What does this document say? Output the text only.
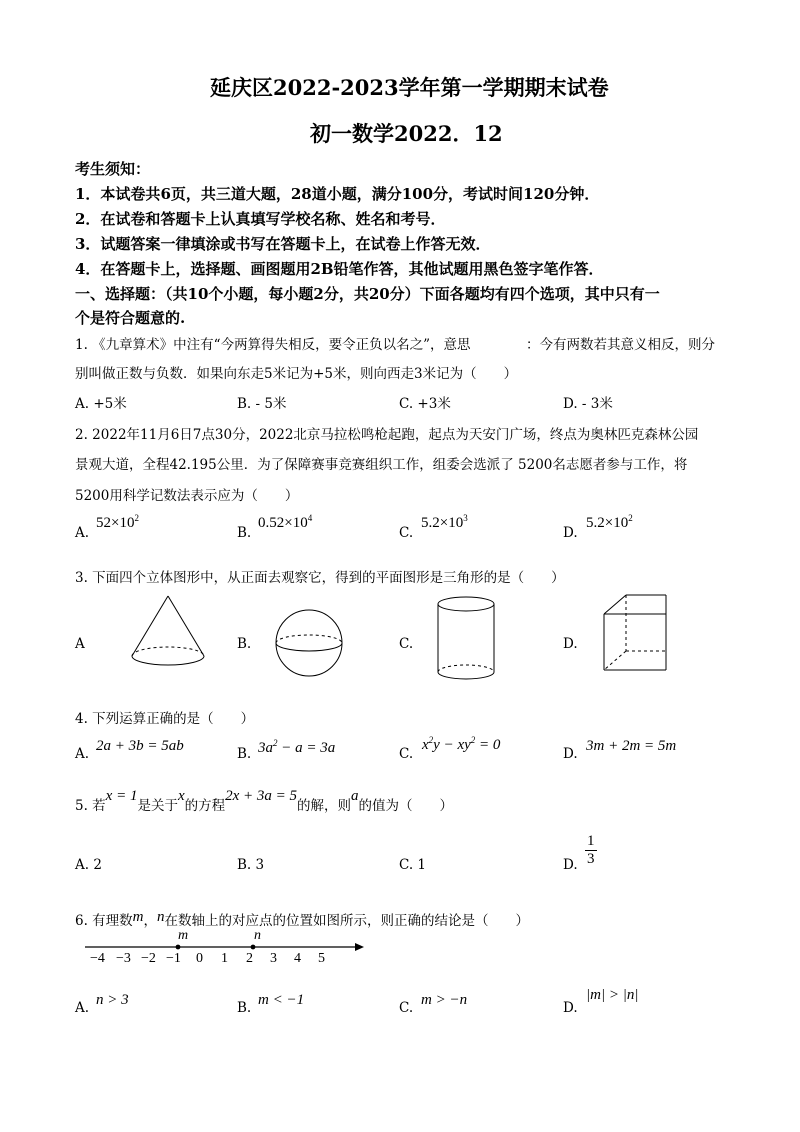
延庆区2022-2023学年第一学期期末试卷
初一数学2022．12
考生须知：
1．本试卷共6页，共三道大题，28道小题，满分100分，考试时间120分钟．
2．在试卷和答题卡上认真填写学校名称、姓名和考号．
3．试题答案一律填涂或书写在答题卡上，在试卷上作答无效．
4．在答题卡上，选择题、画图题用2B铅笔作答，其他试题用黑色签字笔作答．
一、选择题：（共10个小题，每小题2分，共20分）下面各题均有四个选项，其中只有一
个是符合题意的.
1. 《九章算术》中注有“今两算得失相反，要令正负以名之”，意思	：今有两数若其意义相反，则分
别叫做正数与负数．如果向东走5米记为+5米，则向西走3米记为（　　）
A. +5米	B. - 5米	C. +3米	D. - 3米
2. 2022年11月6日7点30分，2022北京马拉松鸣枪起跑，起点为天安门广场，终点为奥林匹克森林公园
景观大道，全程42.195公里．为了保障赛事竞赛组织工作，组委会选派了 5200名志愿者参与工作，将
5200用科学记数法表示应为（　　）
A.
$52\times 10^2$
B.
$0.52\times 10^4$
C.
$5.2\times 10^3$
D.
$5.2\times 10^2$
3. 下面四个立体图形中，从正面去观察它，得到的平面图形是三角形的是（　　）
A	B.	C.	D.
4. 下列运算正确的是（　　）
A. 2a + 3b = 5ab	B. $3a^2 - a = 3a$	C.
$x^2y - xy^2 = 0$
D. 3m + 2m = 5m
5. 若x = 1是关于x的方程2x + 3a = 5的解，则a的值为（　　）
A. 2	B. 3	C. 1	D. $\frac{1}{3}$
6. 有理数m，n在数轴上的对应点的位置如图所示，则正确的结论是（　　）
m	n
−4 −3 −2 −1 0 1 2 3 4 5
A. n > 3	B. m < −1	C. m > −n	D.
|m| > |n|
